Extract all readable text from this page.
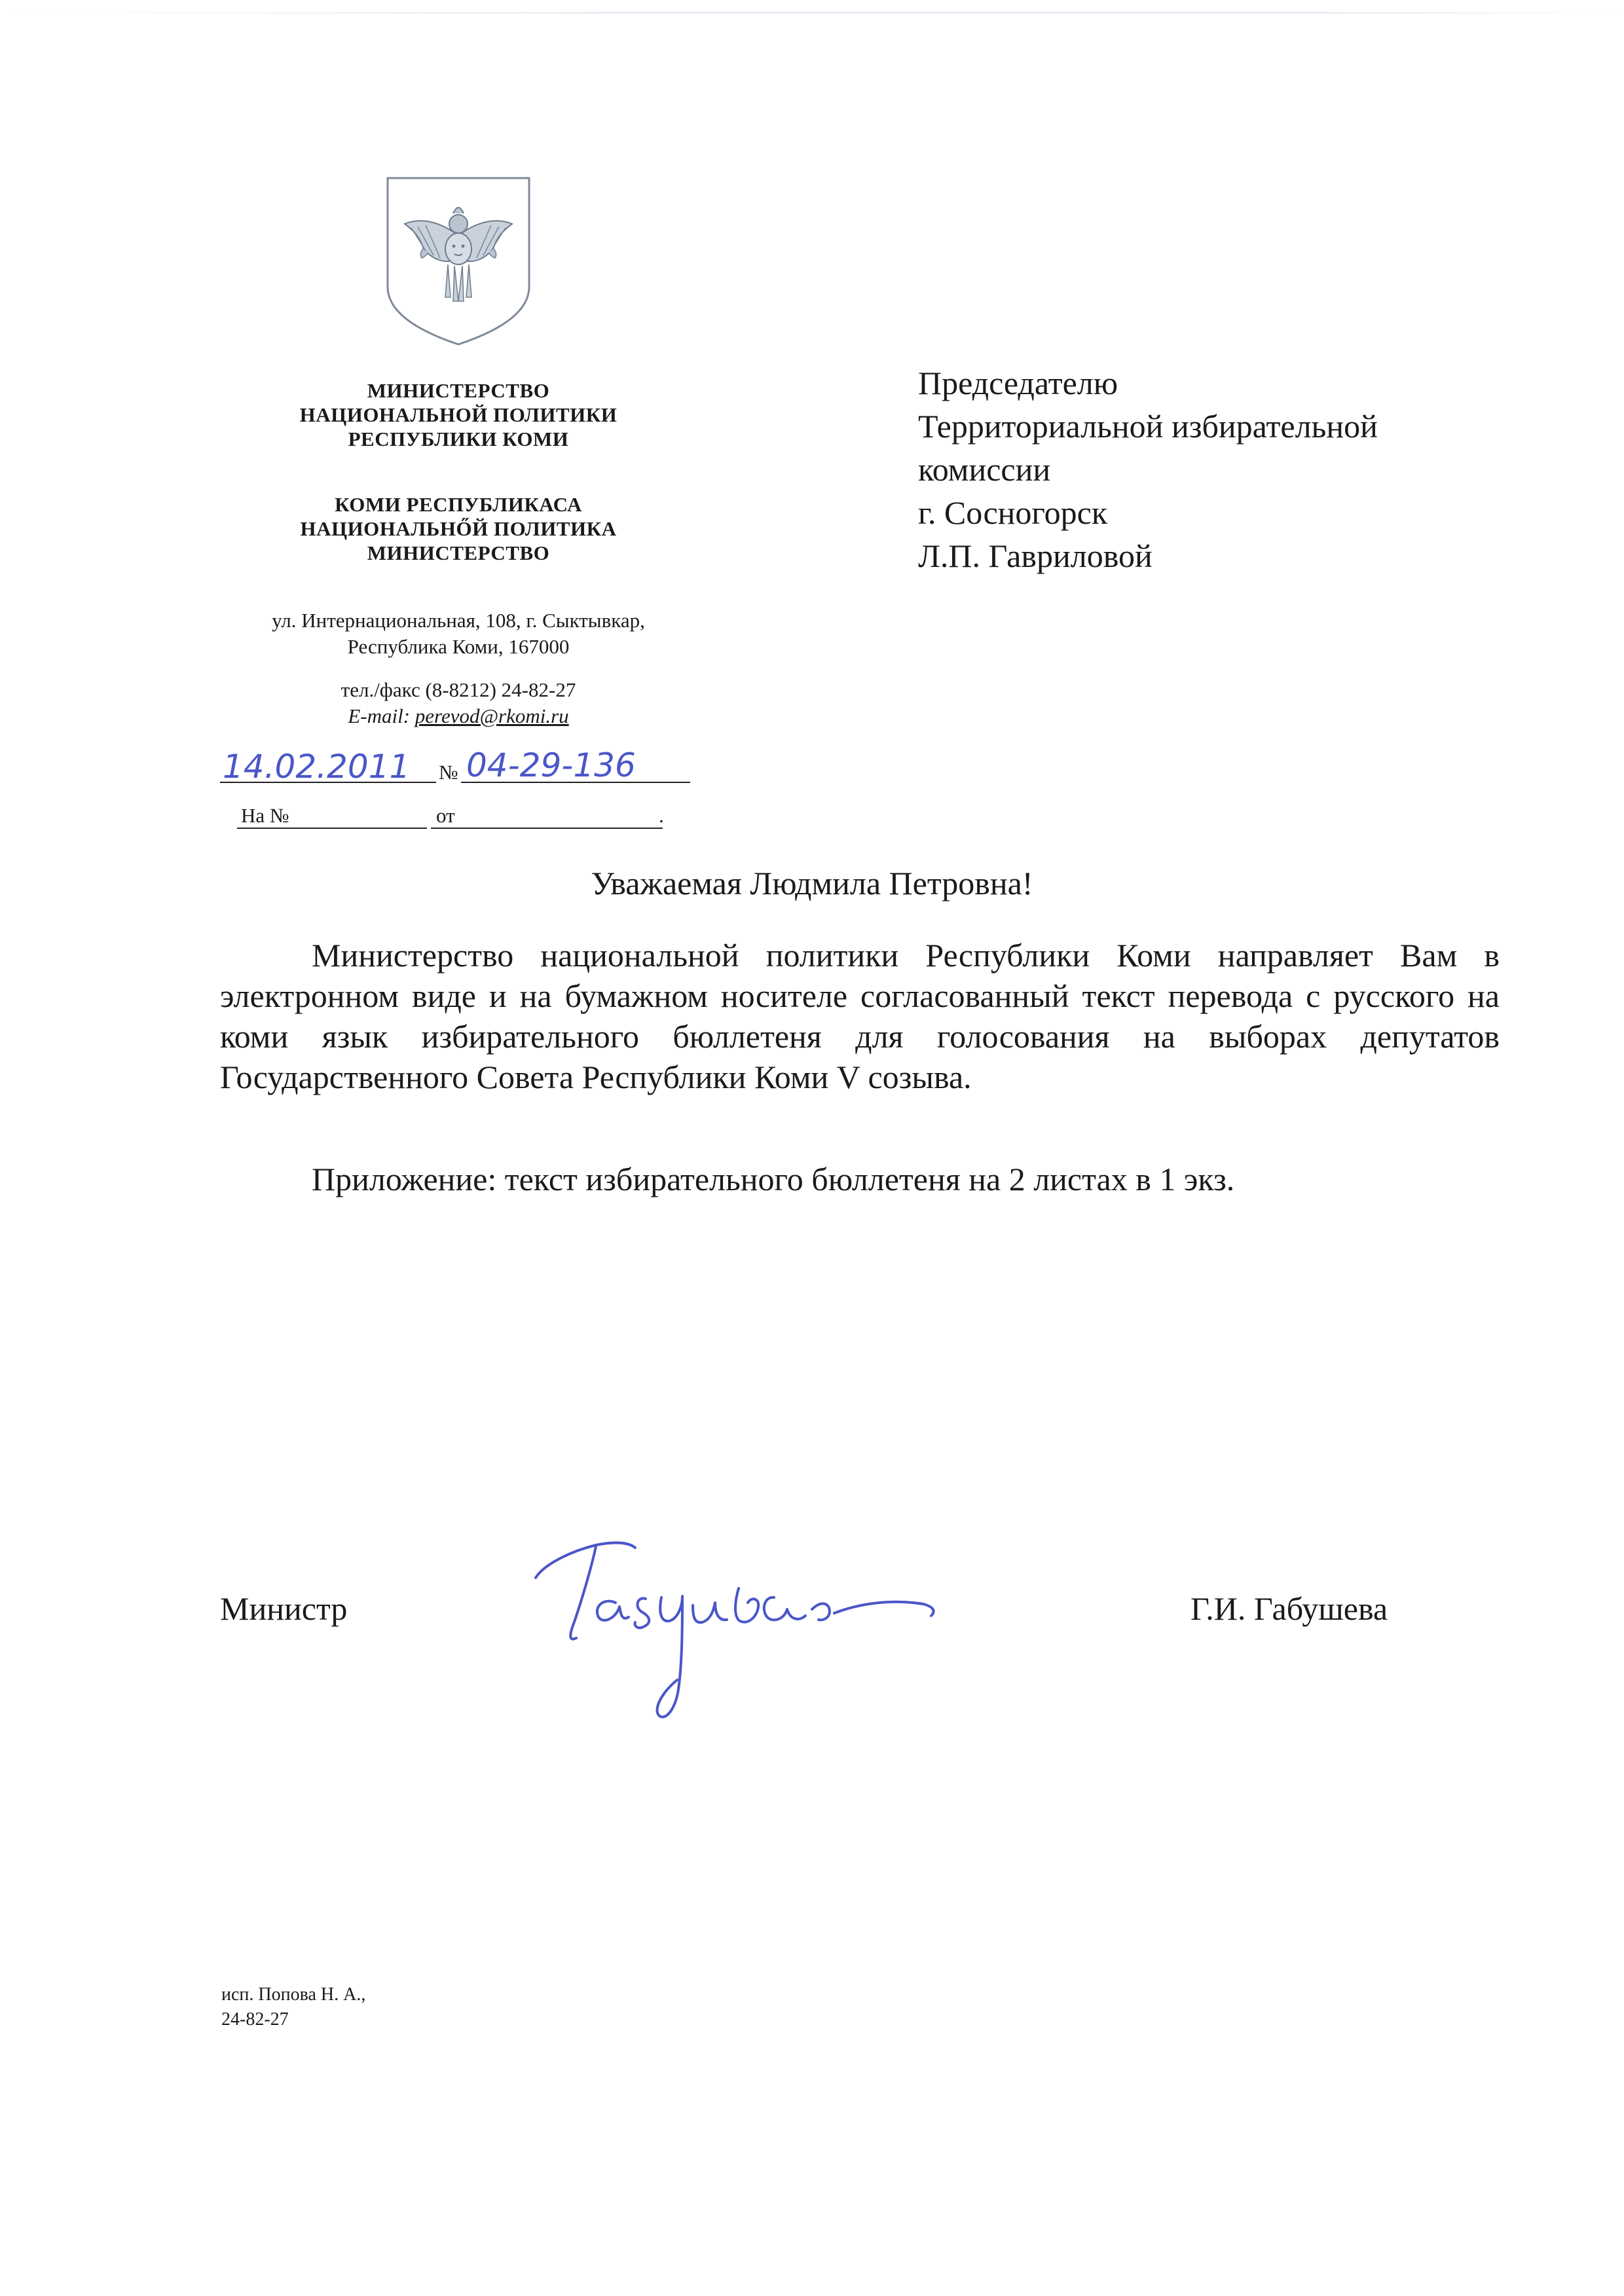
МИНИСТЕРСТВО
НАЦИОНАЛЬНОЙ ПОЛИТИКИ
РЕСПУБЛИКИ КОМИ
КОМИ РЕСПУБЛИКАСА
НАЦИОНАЛЬНŐЙ ПОЛИТИКА
МИНИСТЕРСТВО
ул. Интернациональная, 108, г. Сыктывкар,
Республика Коми, 167000
тел./факс (8-8212) 24-82-27
E-mail: perevod@rkomi.ru
14.02.2011 № 04-29-136
На №	от	.
Председателю
Территориальной избирательной
комиссии
г. Сосногорск
Л.П. Гавриловой
Уважаемая Людмила Петровна!
Министерство национальной политики Республики Коми направляет Вам в электронном виде и на бумажном носителе согласованный текст перевода с русского на коми язык избирательного бюллетеня для голосования на выборах депутатов Государственного Совета Республики Коми V созыва.
Приложение: текст избирательного бюллетеня на 2 листах в 1 экз.
Министр	Г.И. Габушева
исп. Попова Н. А.,
24-82-27
